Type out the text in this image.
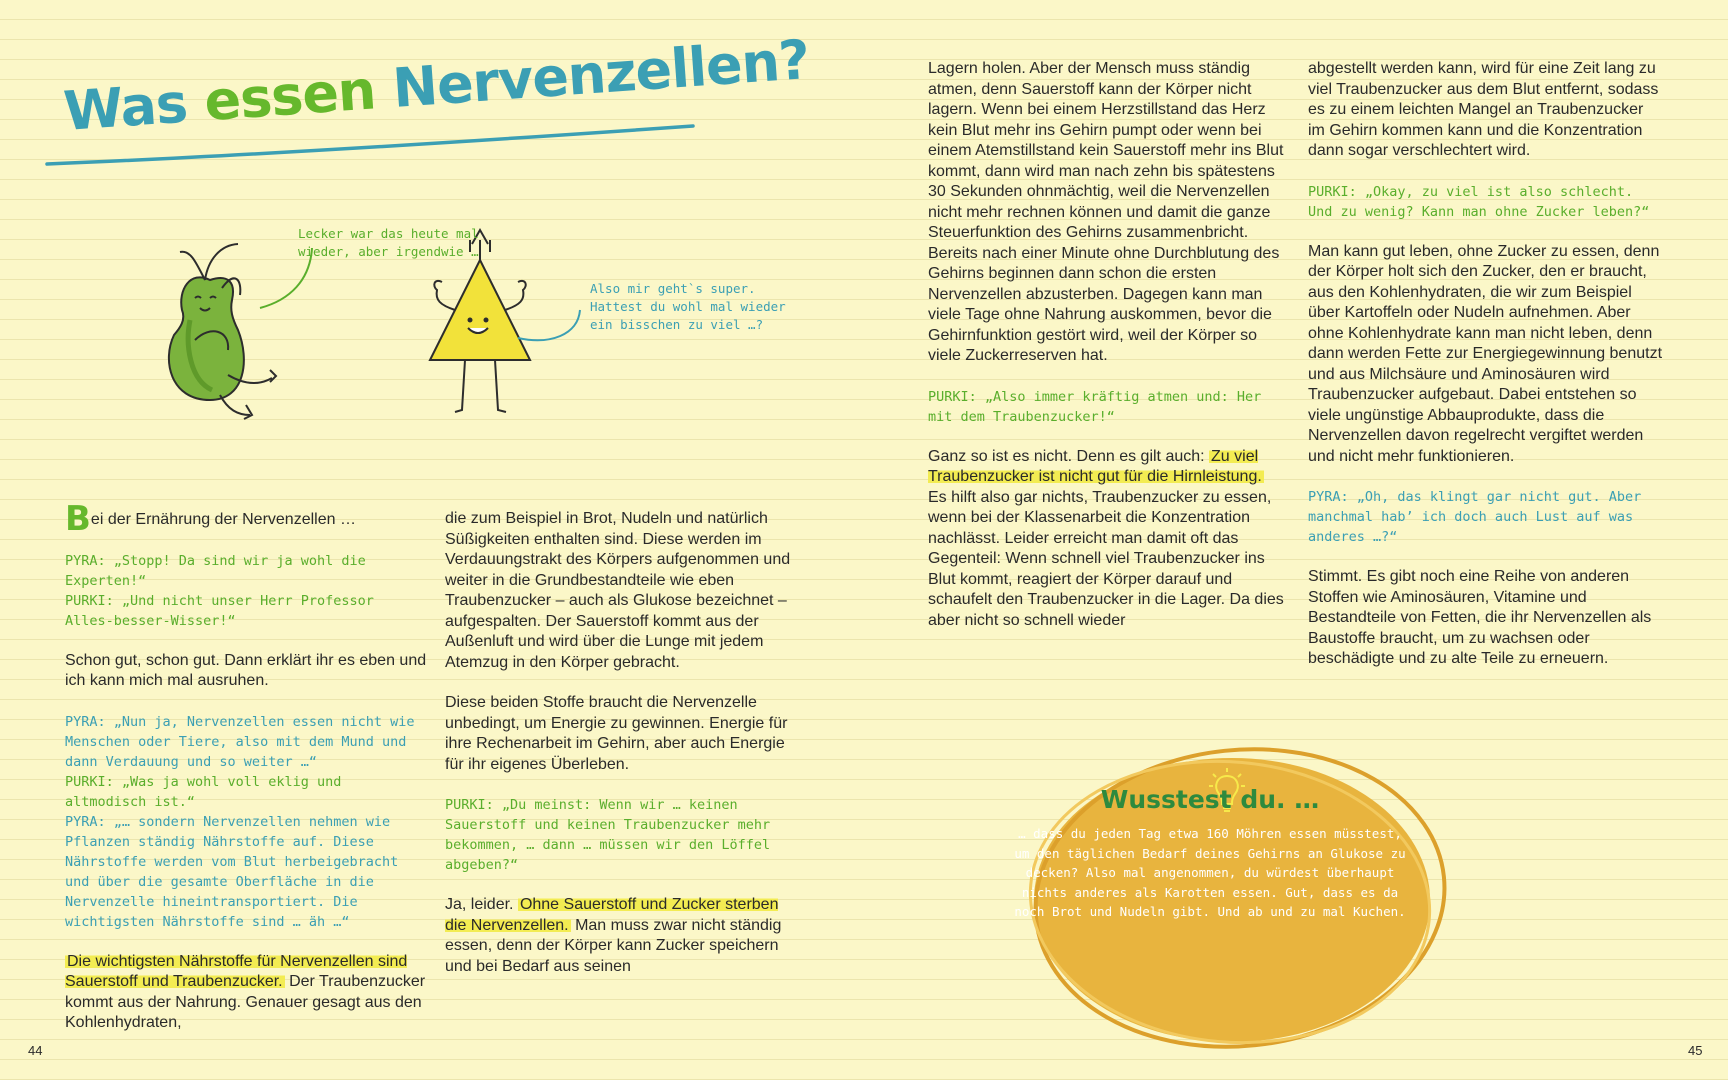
Was essen Nervenzellen?
Lecker war das heute mal wieder, aber irgendwie …
Also mir geht`s super. Hattest du wohl mal wieder ein bisschen zu viel …?

Bei der Ernährung der Nervenzellen …

PYRA: „Stopp! Da sind wir ja wohl die Experten!“

PURKI: „Und nicht unser Herr Professor Alles-besser-Wisser!“

Schon gut, schon gut. Dann erklärt ihr es eben und ich kann mich mal ausruhen.

PYRA: „Nun ja, Nervenzellen essen nicht wie Menschen oder Tiere, also mit dem Mund und dann Verdauung und so weiter …“

PURKI: „Was ja wohl voll eklig und altmodisch ist.“

PYRA: „… sondern Nervenzellen nehmen wie Pflanzen ständig Nährstoffe auf. Diese Nährstoffe werden vom Blut herbeigebracht und über die gesamte Oberfläche in die Nervenzelle hineintransportiert. Die wichtigsten Nährstoffe sind … äh …“

Die wichtigsten Nährstoffe für Nervenzellen sind Sauerstoff und Traubenzucker. Der Traubenzucker kommt aus der Nahrung. Genauer gesagt aus den Kohlenhydraten,

die zum Beispiel in Brot, Nudeln und natürlich Süßigkeiten enthalten sind. Diese werden im Verdauungstrakt des Körpers aufgenommen und weiter in die Grundbestandteile wie eben Traubenzucker – auch als Glukose bezeichnet – aufgespalten. Der Sauerstoff kommt aus der Außenluft und wird über die Lunge mit jedem Atemzug in den Körper gebracht.

Diese beiden Stoffe braucht die Nervenzelle unbedingt, um Energie zu gewinnen. Energie für ihre Rechenarbeit im Gehirn, aber auch Energie für ihr eigenes Überleben.

PURKI: „Du meinst: Wenn wir … keinen Sauerstoff und keinen Traubenzucker mehr bekommen, … dann … müssen wir den Löffel abgeben?“

Ja, leider. Ohne Sauerstoff und Zucker sterben die Nervenzellen. Man muss zwar nicht ständig essen, denn der Körper kann Zucker speichern und bei Bedarf aus seinen

Lagern holen. Aber der Mensch muss ständig atmen, denn Sauerstoff kann der Körper nicht lagern. Wenn bei einem Herzstillstand das Herz kein Blut mehr ins Gehirn pumpt oder wenn bei einem Atemstillstand kein Sauerstoff mehr ins Blut kommt, dann wird man nach zehn bis spätestens 30 Sekunden ohnmächtig, weil die Nervenzellen nicht mehr rechnen können und damit die ganze Steuerfunktion des Gehirns zusammenbricht. Bereits nach einer Minute ohne Durchblutung des Gehirns beginnen dann schon die ersten Nervenzellen abzusterben. Dagegen kann man viele Tage ohne Nahrung auskommen, bevor die Gehirnfunktion gestört wird, weil der Körper so viele Zuckerreserven hat.

PURKI: „Also immer kräftig atmen und: Her mit dem Traubenzucker!“

Ganz so ist es nicht. Denn es gilt auch: Zu viel Traubenzucker ist nicht gut für die Hirnleistung. Es hilft also gar nichts, Traubenzucker zu essen, wenn bei der Klassenarbeit die Konzentration nachlässt. Leider erreicht man damit oft das Gegenteil: Wenn schnell viel Traubenzucker ins Blut kommt, reagiert der Körper darauf und schaufelt den Traubenzucker in die Lager. Da dies aber nicht so schnell wieder

abgestellt werden kann, wird für eine Zeit lang zu viel Traubenzucker aus dem Blut entfernt, sodass es zu einem leichten Mangel an Traubenzucker im Gehirn kommen kann und die Konzentration dann sogar verschlechtert wird.

PURKI: „Okay, zu viel ist also schlecht. Und zu wenig? Kann man ohne Zucker leben?“

Man kann gut leben, ohne Zucker zu essen, denn der Körper holt sich den Zucker, den er braucht, aus den Kohlenhydraten, die wir zum Beispiel über Kartoffeln oder Nudeln aufnehmen. Aber ohne Kohlenhydrate kann man nicht leben, denn dann werden Fette zur Energiegewinnung benutzt und aus Milchsäure und Aminosäuren wird Traubenzucker aufgebaut. Dabei entstehen so viele ungünstige Abbauprodukte, dass die Nervenzellen davon regelrecht vergiftet werden und nicht mehr funktionieren.

PYRA: „Oh, das klingt gar nicht gut. Aber manchmal hab’ ich doch auch Lust auf was anderes …?“

Stimmt. Es gibt noch eine Reihe von anderen Stoffen wie Aminosäuren, Vitamine und Bestandteile von Fetten, die ihr Nervenzellen als Baustoffe braucht, um zu wachsen oder beschädigte und zu alte Teile zu erneuern.

Wusstest du. …

… dass du jeden Tag etwa 160 Möhren essen müsstest, um den täglichen Bedarf deines Gehirns an Glukose zu decken? Also mal angenommen, du würdest überhaupt nichts anderes als Karotten essen. Gut, dass es da noch Brot und Nudeln gibt. Und ab und zu mal Kuchen.

44	45
